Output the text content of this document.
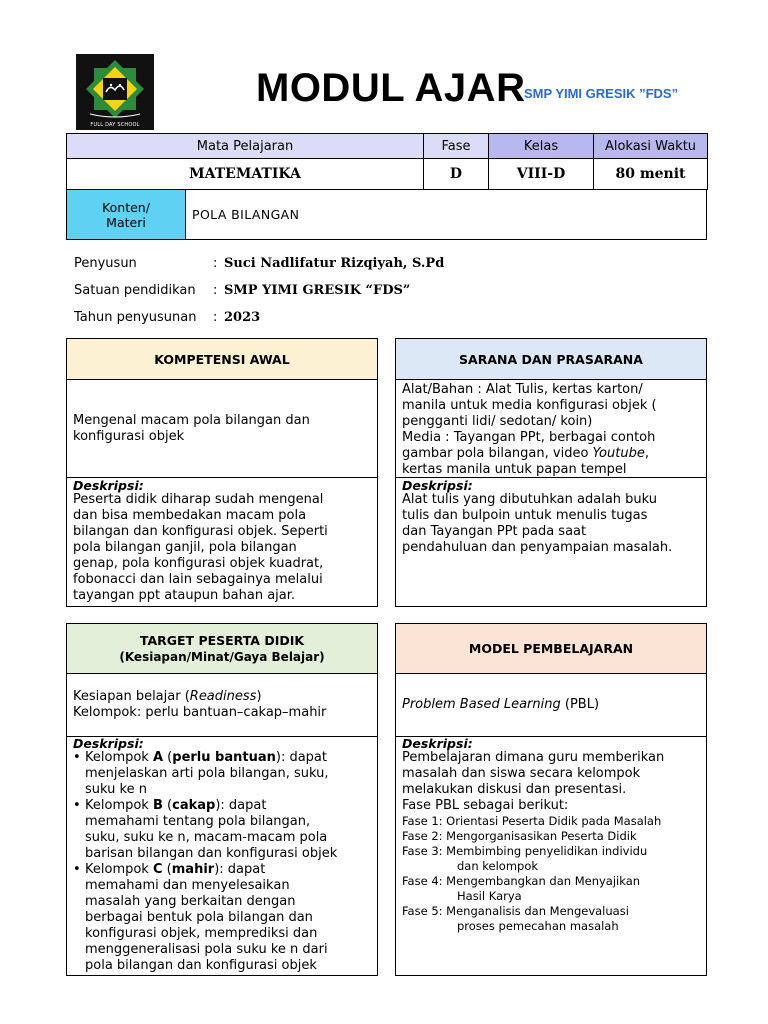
FULL DAY SCHOOL
MODUL AJAR
SMP YIMI GRESIK ”FDS”
Mata Pelajaran	Fase	Kelas	Alokasi Waktu
MATEMATIKA	D	VIII-D	80 menit
Konten/
Materi	POLA BILANGAN
Penyusun	: Suci Nadlifatur Rizqiyah, S.Pd
Satuan pendidikan : SMP YIMI GRESIK “FDS”
Tahun penyusunan : 2023
KOMPETENSI AWAL
Mengenal macam pola bilangan dan
konfigurasi objek
Deskripsi:
Peserta didik diharap sudah mengenal
dan bisa membedakan macam pola
bilangan dan konfigurasi objek. Seperti
pola bilangan ganjil, pola bilangan
genap, pola konfigurasi objek kuadrat,
fobonacci dan lain sebagainya melalui
tayangan ppt ataupun bahan ajar.
SARANA DAN PRASARANA
Alat/Bahan : Alat Tulis, kertas karton/
manila untuk media konfigurasi objek (
pengganti lidi/ sedotan/ koin)
Media : Tayangan PPt, berbagai contoh
gambar pola bilangan, video Youtube,
kertas manila untuk papan tempel
Deskripsi:
Alat tulis yang dibutuhkan adalah buku
tulis dan bulpoin untuk menulis tugas
dan Tayangan PPt pada saat
pendahuluan dan penyampaian masalah.
TARGET PESERTA DIDIK
(Kesiapan/Minat/Gaya Belajar)
Kesiapan belajar (Readiness)
Kelompok: perlu bantuan–cakap–mahir
Deskripsi:
• Kelompok A (perlu bantuan): dapat
menjelaskan arti pola bilangan, suku,
suku ke n
• Kelompok B (cakap): dapat
memahami tentang pola bilangan,
suku, suku ke n, macam-macam pola
barisan bilangan dan konfigurasi objek
• Kelompok C (mahir): dapat
memahami dan menyelesaikan
masalah yang berkaitan dengan
berbagai bentuk pola bilangan dan
konfigurasi objek, memprediksi dan
menggeneralisasi pola suku ke n dari
pola bilangan dan konfigurasi objek
MODEL PEMBELAJARAN
Problem Based Learning (PBL)
Deskripsi:
Pembelajaran dimana guru memberikan
masalah dan siswa secara kelompok
melakukan diskusi dan presentasi.
Fase PBL sebagai berikut:
Fase 1: Orientasi Peserta Didik pada Masalah
Fase 2: Mengorganisasikan Peserta Didik
Fase 3: Membimbing penyelidikan individu
dan kelompok
Fase 4: Mengembangkan dan Menyajikan
Hasil Karya
Fase 5: Menganalisis dan Mengevaluasi
proses pemecahan masalah
